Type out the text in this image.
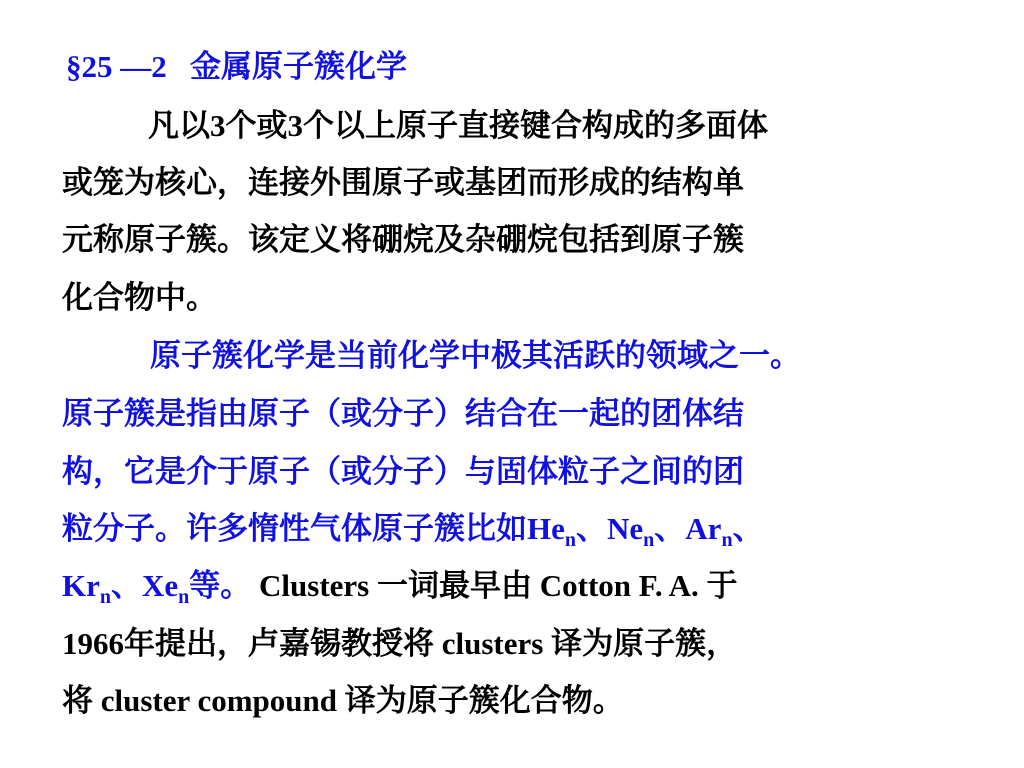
§25 —2 金属原子簇化学
凡以3个或3个以上原子直接键合构成的多面体
或笼为核心，连接外围原子或基团而形成的结构单
元称原子簇。该定义将硼烷及杂硼烷包括到原子簇
化合物中。
原子簇化学是当前化学中极其活跃的领域之一。
原子簇是指由原子（或分子）结合在一起的团体结
构，它是介于原子（或分子）与固体粒子之间的团
粒分子。许多惰性气体原子簇比如$He_n$、$Ne_n$、$Ar_n$、
$Kr_n$、$Xe_n$等。 Clusters 一词最早由 Cotton F. A. 于
1966年提出，卢嘉锡教授将 clusters 译为原子簇，
将 cluster compound 译为原子簇化合物。
